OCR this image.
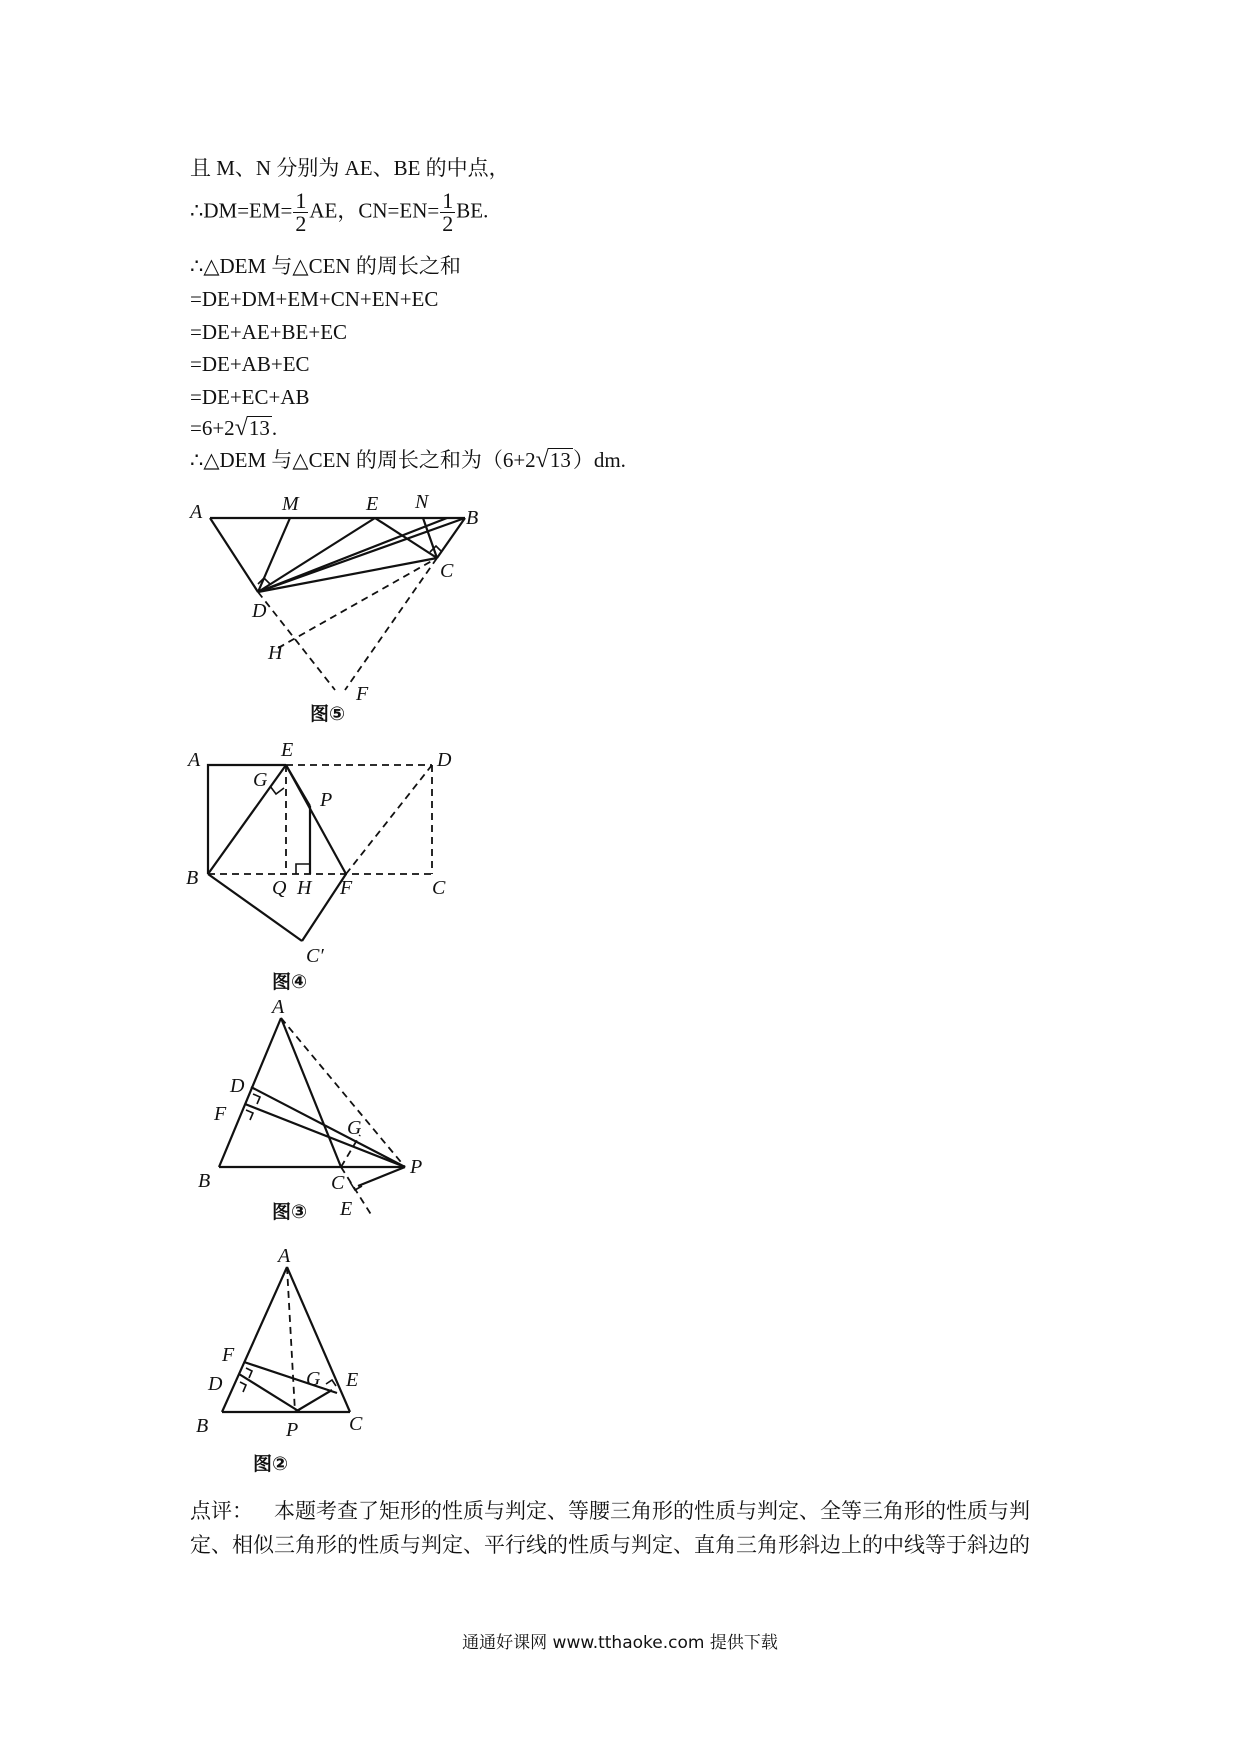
且 M、N 分别为 AE、BE 的中点，
∴DM=EM= $\frac{1}{2}$ AE，$CN=EN= \frac{1}{2}$ BE.
∴△DEM 与△CEN 的周长之和
=DE+DM+EM+CN+EN+EC
=DE+AE+BE+EC
=DE+AB+EC
=DE+EC+AB
=6+2√13.
∴△DEM 与△CEN 的周长之和为（6+2√13）dm.
A	M	E N
B
C
D
H
F
图⑤
A	E	D
G
P
B	Q H F	C
C′
图④
A
D
F
G
B	C
P
E
图③
A
F
D	G E
B	P	C
图②
点评： 本题考查了矩形的性质与判定、等腰三角形的性质与判定、全等三角形的性质与判定、相似三角形的性质与判定、平行线的性质与判定、直角三角形斜边上的中线等于斜边的
通通好课网 www.tthaoke.com 提供下载
